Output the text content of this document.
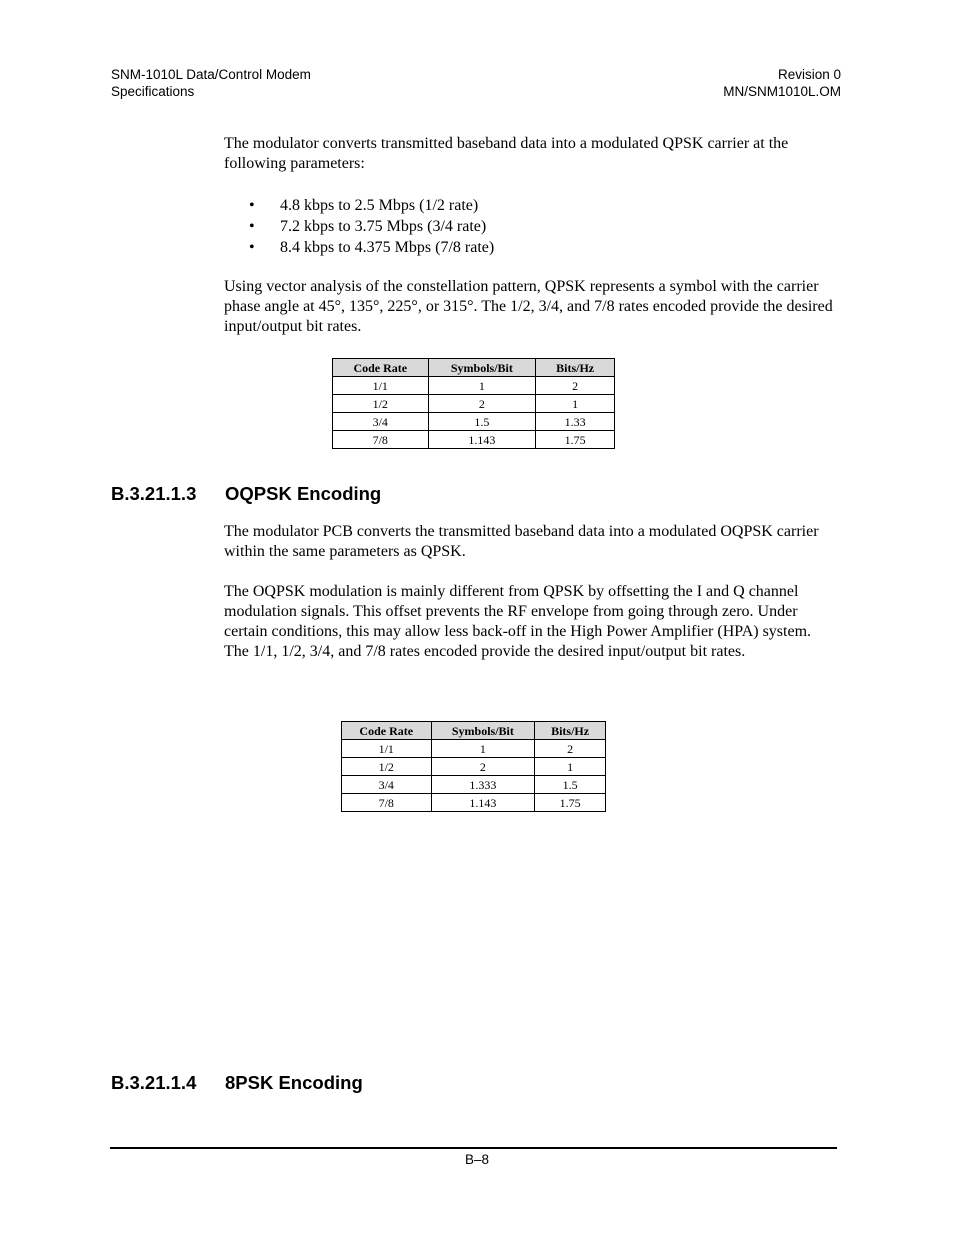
SNM-1010L Data/Control Modem
Specifications
Revision 0
MN/SNM1010L.OM
The modulator converts transmitted baseband data into a modulated QPSK carrier at the following parameters:
• 4.8 kbps to 2.5 Mbps (1/2 rate)
• 7.2 kbps to 3.75 Mbps (3/4 rate)
• 8.4 kbps to 4.375 Mbps (7/8 rate)
Using vector analysis of the constellation pattern, QPSK represents a symbol with the carrier phase angle at 45°, 135°, 225°, or 315°. The 1/2, 3/4, and 7/8 rates encoded provide the desired input/output bit rates.
Code Rate	Symbols/Bit	Bits/Hz
1/1	1	2
1/2	2	1
3/4	1.5	1.33
7/8	1.143	1.75
B.3.21.1.3 OQPSK Encoding
The modulator PCB converts the transmitted baseband data into a modulated OQPSK carrier within the same parameters as QPSK.
The OQPSK modulation is mainly different from QPSK by offsetting the I and Q channel modulation signals. This offset prevents the RF envelope from going through zero. Under certain conditions, this may allow less back-off in the High Power Amplifier (HPA) system. The 1/1, 1/2, 3/4, and 7/8 rates encoded provide the desired input/output bit rates.
Code Rate	Symbols/Bit	Bits/Hz
1/1	1	2
1/2	2	1
3/4	1.333	1.5
7/8	1.143	1.75
B.3.21.1.4 8PSK Encoding
B–8
